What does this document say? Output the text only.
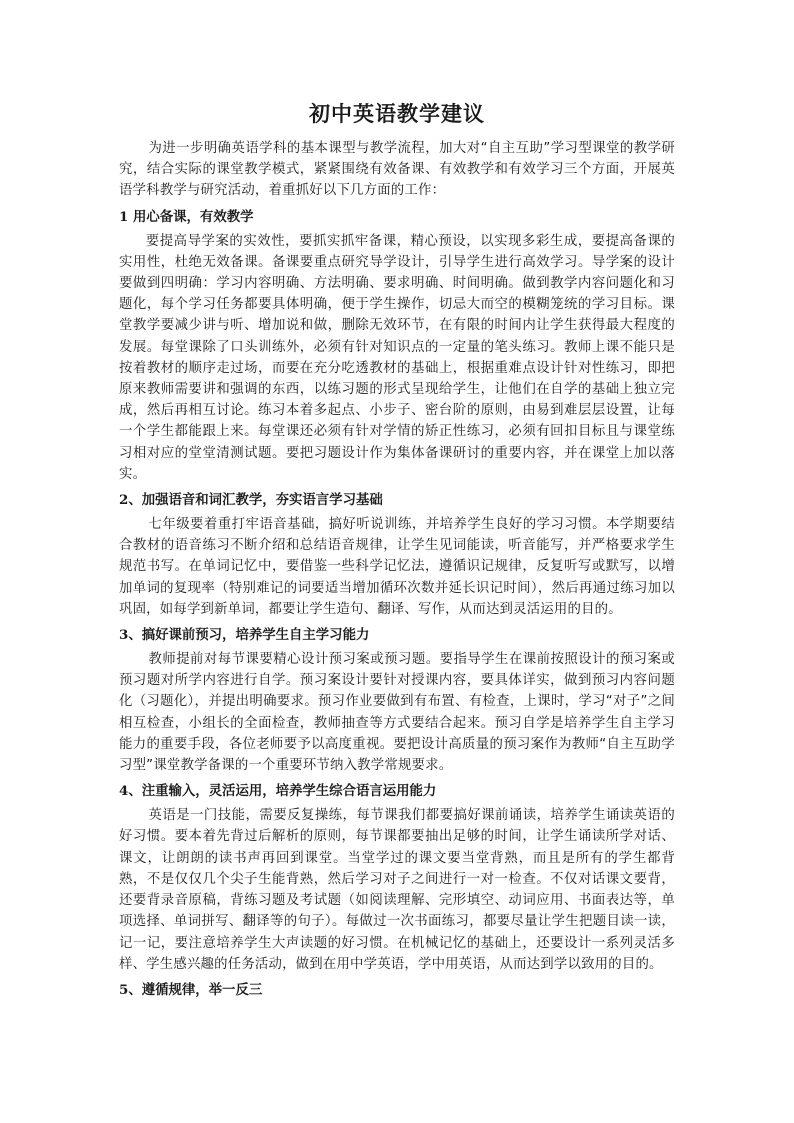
初中英语教学建议

为进一步明确英语学科的基本课型与教学流程，加大对“自主互助”学习型课堂的教学研究，结合实际的课堂教学模式，紧紧围绕有效备课、有效教学和有效学习三个方面，开展英语学科教学与研究活动，着重抓好以下几方面的工作：

1 用心备课，有效教学

要提高导学案的实效性，要抓实抓牢备课，精心预设，以实现多彩生成，要提高备课的实用性，杜绝无效备课。备课要重点研究导学设计，引导学生进行高效学习。导学案的设计要做到四明确：学习内容明确、方法明确、要求明确、时间明确。做到教学内容问题化和习题化，每个学习任务都要具体明确，便于学生操作，切忌大而空的模糊笼统的学习目标。课堂教学要减少讲与听、增加说和做，删除无效环节，在有限的时间内让学生获得最大程度的发展。每堂课除了口头训练外，必须有针对知识点的一定量的笔头练习。教师上课不能只是按着教材的顺序走过场，而要在充分吃透教材的基础上，根据重难点设计针对性练习，即把原来教师需要讲和强调的东西，以练习题的形式呈现给学生，让他们在自学的基础上独立完成，然后再相互讨论。练习本着多起点、小步子、密台阶的原则，由易到难层层设置，让每一个学生都能跟上来。每堂课还必须有针对学情的矫正性练习，必须有回扣目标且与课堂练习相对应的堂堂清测试题。要把习题设计作为集体备课研讨的重要内容，并在课堂上加以落实。

2、加强语音和词汇教学，夯实语言学习基础

七年级要着重打牢语音基础，搞好听说训练，并培养学生良好的学习习惯。本学期要结合教材的语音练习不断介绍和总结语音规律，让学生见词能读，听音能写，并严格要求学生规范书写。在单词记忆中，要借鉴一些科学记忆法，遵循识记规律，反复听写或默写，以增加单词的复现率（特别难记的词要适当增加循环次数并延长识记时间），然后再通过练习加以巩固，如每学到新单词，都要让学生造句、翻译、写作，从而达到灵活运用的目的。

3、搞好课前预习，培养学生自主学习能力

教师提前对每节课要精心设计预习案或预习题。要指导学生在课前按照设计的预习案或预习题对所学内容进行自学。预习案设计要针对授课内容，要具体详实，做到预习内容问题化（习题化），并提出明确要求。预习作业要做到有布置、有检查，上课时，学习“对子”之间相互检查，小组长的全面检查，教师抽查等方式要结合起来。预习自学是培养学生自主学习能力的重要手段，各位老师要予以高度重视。要把设计高质量的预习案作为教师“自主互助学习型”课堂教学备课的一个重要环节纳入教学常规要求。

4、注重输入，灵活运用，培养学生综合语言运用能力

英语是一门技能，需要反复操练，每节课我们都要搞好课前诵读，培养学生诵读英语的好习惯。要本着先背过后解析的原则，每节课都要抽出足够的时间，让学生诵读所学对话、课文，让朗朗的读书声再回到课堂。当堂学过的课文要当堂背熟，而且是所有的学生都背熟，不是仅仅几个尖子生能背熟，然后学习对子之间进行一对一检查。不仅对话课文要背，还要背录音原稿，背练习题及考试题（如阅读理解、完形填空、动词应用、书面表达等，单项选择、单词拼写、翻译等的句子）。每做过一次书面练习，都要尽量让学生把题目读一读，记一记，要注意培养学生大声读题的好习惯。在机械记忆的基础上，还要设计一系列灵活多样、学生感兴趣的任务活动，做到在用中学英语，学中用英语，从而达到学以致用的目的。

5、遵循规律，举一反三
